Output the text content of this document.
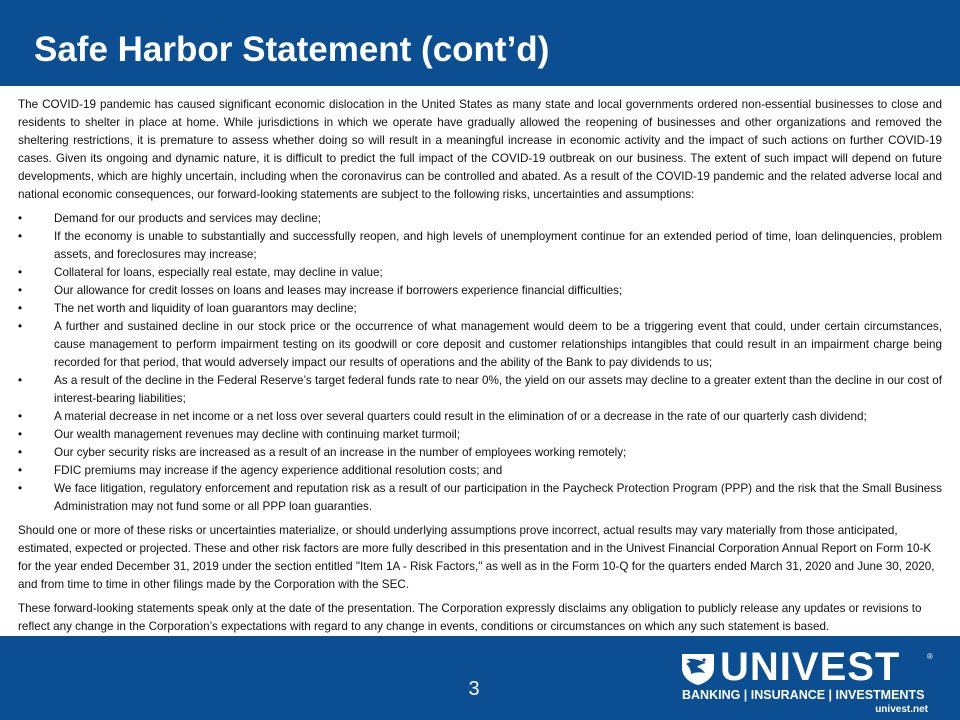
Safe Harbor Statement (cont’d)

The COVID-19 pandemic has caused significant economic dislocation in the United States as many state and local governments ordered non-essential businesses to close and residents to shelter in place at home. While jurisdictions in which we operate have gradually allowed the reopening of businesses and other organizations and removed the sheltering restrictions, it is premature to assess whether doing so will result in a meaningful increase in economic activity and the impact of such actions on further COVID-19 cases. Given its ongoing and dynamic nature, it is difficult to predict the full impact of the COVID-19 outbreak on our business. The extent of such impact will depend on future developments, which are highly uncertain, including when the coronavirus can be controlled and abated. As a result of the COVID-19 pandemic and the related adverse local and national economic consequences, our forward-looking statements are subject to the following risks, uncertainties and assumptions:

•	Demand for our products and services may decline;
•	If the economy is unable to substantially and successfully reopen, and high levels of unemployment continue for an extended period of time, loan delinquencies, problem assets, and foreclosures may increase;
•	Collateral for loans, especially real estate, may decline in value;
•	Our allowance for credit losses on loans and leases may increase if borrowers experience financial difficulties;
•	The net worth and liquidity of loan guarantors may decline;
•	A further and sustained decline in our stock price or the occurrence of what management would deem to be a triggering event that could, under certain circumstances, cause management to perform impairment testing on its goodwill or core deposit and customer relationships intangibles that could result in an impairment charge being recorded for that period, that would adversely impact our results of operations and the ability of the Bank to pay dividends to us;
•	As a result of the decline in the Federal Reserve’s target federal funds rate to near 0%, the yield on our assets may decline to a greater extent than the decline in our cost of interest-bearing liabilities;
•	A material decrease in net income or a net loss over several quarters could result in the elimination of or a decrease in the rate of our quarterly cash dividend;
•	Our wealth management revenues may decline with continuing market turmoil;
•	Our cyber security risks are increased as a result of an increase in the number of employees working remotely;
•	FDIC premiums may increase if the agency experience additional resolution costs; and
•	We face litigation, regulatory enforcement and reputation risk as a result of our participation in the Paycheck Protection Program (PPP) and the risk that the Small Business Administration may not fund some or all PPP loan guaranties.

Should one or more of these risks or uncertainties materialize, or should underlying assumptions prove incorrect, actual results may vary materially from those anticipated, estimated, expected or projected. These and other risk factors are more fully described in this presentation and in the Univest Financial Corporation Annual Report on Form 10-K for the year ended December 31, 2019 under the section entitled "Item 1A - Risk Factors," as well as in the Form 10-Q for the quarters ended March 31, 2020 and June 30, 2020, and from time to time in other filings made by the Corporation with the SEC.

These forward-looking statements speak only at the date of the presentation. The Corporation expressly disclaims any obligation to publicly release any updates or revisions to reflect any change in the Corporation’s expectations with regard to any change in events, conditions or circumstances on which any such statement is based.

3	UNIVEST	®
BANKING | INSURANCE | INVESTMENTS
univest.net
